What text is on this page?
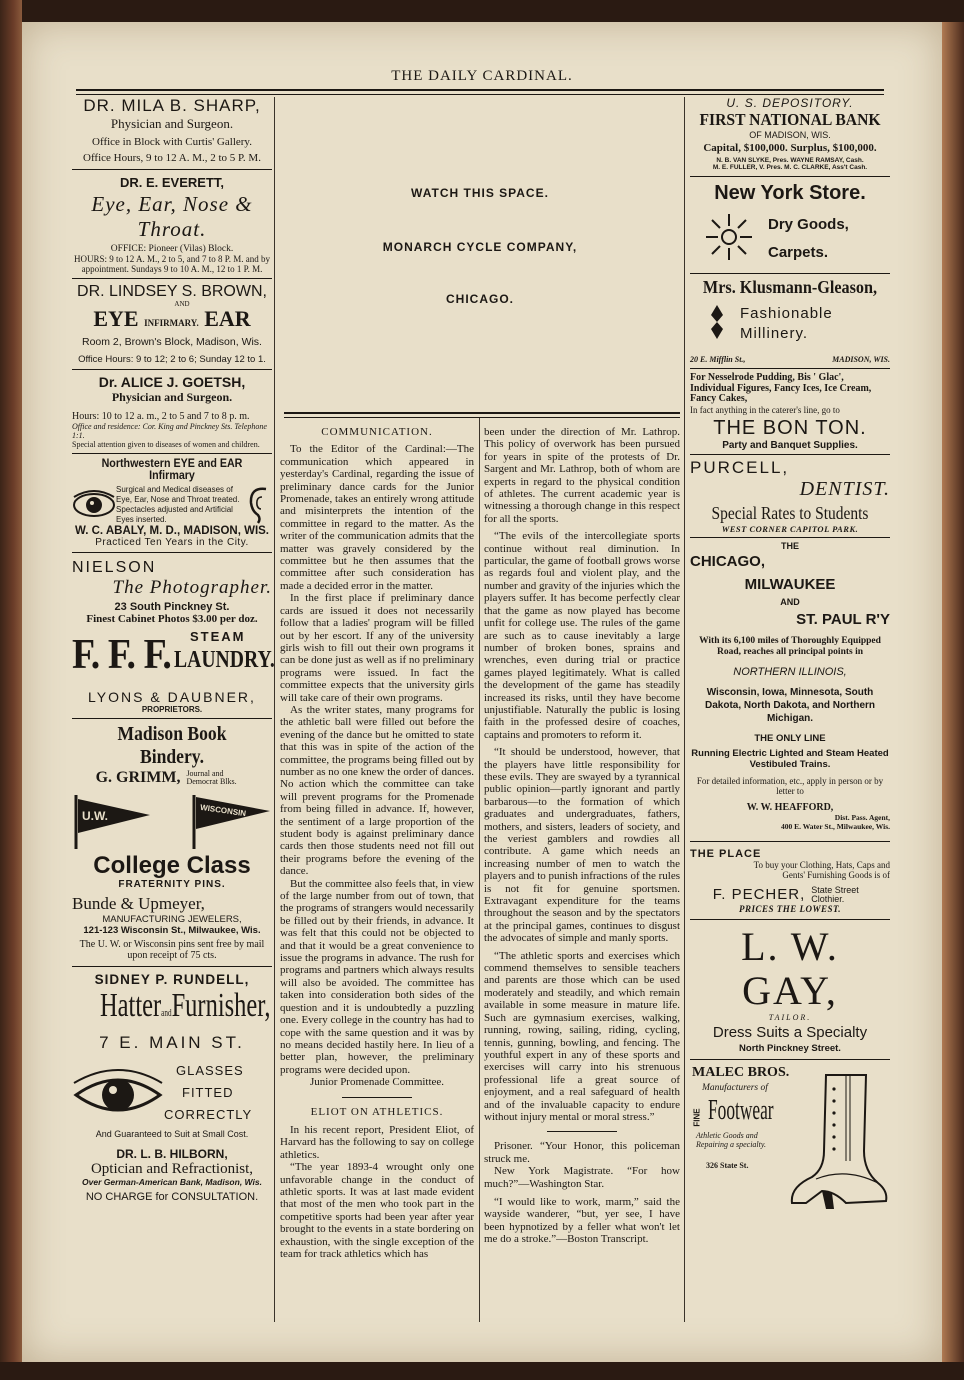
THE DAILY CARDINAL.
DR. MILA B. SHARP,
Physician and Surgeon.
Office in Block with Curtis' Gallery.
Office Hours, 9 to 12 A. M., 2 to 5 P. M.
DR. E. EVERETT,
Eye, Ear, Nose & Throat.
OFFICE: Pioneer (Vilas) Block.
HOURS: 9 to 12 A. M., 2 to 5, and 7 to 8 P. M. and by appointment. Sundays 9 to 10 A. M., 12 to 1 P. M.
DR. LINDSEY S. BROWN,
AND
EYE INFIRMARY. EAR
Room 2, Brown's Block, Madison, Wis.
Office Hours: 9 to 12; 2 to 6; Sunday 12 to 1.
Dr. ALICE J. GOETSH,
Physician and Surgeon.
Hours: 10 to 12 a. m., 2 to 5 and 7 to 8 p. m.
Office and residence: Cor. King and Pinckney Sts. Telephone 1:1.
Special attention given to diseases of women and children.
Northwestern EYE and EAR Infirmary
Surgical and Medical diseases of Eye, Ear, Nose and Throat treated. Spectacles adjusted and Artificial Eyes inserted.
W. C. ABALY, M. D., MADISON, WIS.
Practiced Ten Years in the City.
NIELSON
The Photographer.
23 South Pinckney St.
Finest Cabinet Photos $3.00 per doz.
F. F. F. STEAM
LAUNDRY.
LYONS & DAUBNER,
PROPRIETORS.
Madison Book Bindery.
G. GRIMM, Journal and Democrat Blks.
U.W.	WISCONSIN
College Class
FRATERNITY PINS.
Bunde & Upmeyer,
MANUFACTURING JEWELERS,
121-123 Wisconsin St., Milwaukee, Wis.
The U. W. or Wisconsin pins sent free by mail upon receipt of 75 cts.
SIDNEY P. RUNDELL,
HatterandFurnisher,
7 E. MAIN ST.
GLASSES
FITTED
CORRECTLY
And Guaranteed to Suit at Small Cost.
DR. L. B. HILBORN,
Optician and Refractionist,
Over German-American Bank, Madison, Wis.
NO CHARGE for CONSULTATION.
WATCH THIS SPACE.
MONARCH CYCLE COMPANY,
CHICAGO.
COMMUNICATION.

To the Editor of the Cardinal:—The communication which appeared in yesterday's Cardinal, regarding the issue of preliminary dance cards for the Junior Promenade, takes an entirely wrong attitude and misinterprets the intention of the committee in regard to the matter. As the writer of the communication admits that the matter was gravely considered by the committee but he then assumes that the committee after such consideration has made a decided error in the matter.

In the first place if preliminary dance cards are issued it does not necessarily follow that a ladies' program will be filled out by her escort. If any of the university girls wish to fill out their own programs it can be done just as well as if no preliminary programs were issued. In fact the committee expects that the university girls will take care of their own programs.

As the writer states, many programs for the athletic ball were filled out before the evening of the dance but he omitted to state that this was in spite of the action of the committee, the programs being filled out by number as no one knew the order of dances. No action which the committee can take will prevent programs for the Promenade from being filled in advance. If, however, the sentiment of a large proportion of the student body is against preliminary dance cards then those students need not fill out their programs before the evening of the dance.

But the committee also feels that, in view of the large number from out of town, that the programs of strangers would necessarily be filled out by their friends, in advance. It was felt that this could not be objected to and that it would be a great convenience to issue the programs in advance. The rush for programs and partners which always results will also be avoided. The committee has taken into consideration both sides of the question and it is undoubtedly a puzzling one. Every college in the country has had to cope with the same question and it was by no means decided hastily here. In lieu of a better plan, however, the preliminary programs were decided upon.

Junior Promenade Committee.
ELIOT ON ATHLETICS.

In his recent report, President Eliot, of Harvard has the following to say on college athletics.

“The year 1893-4 wrought only one unfavorable change in the conduct of athletic sports. It was at last made evident that most of the men who took part in the competitive sports had been year after year brought to the events in a state bordering on exhaustion, with the single exception of the team for track athletics which has

been under the direction of Mr. Lathrop. This policy of overwork has been pursued for years in spite of the protests of Dr. Sargent and Mr. Lathrop, both of whom are experts in regard to the physical condition of athletes. The current academic year is witnessing a thorough change in this respect for all the sports.

“The evils of the intercollegiate sports continue without real diminution. In particular, the game of football grows worse as regards foul and violent play, and the number and gravity of the injuries which the players suffer. It has become perfectly clear that the game as now played has become unfit for college use. The rules of the game are such as to cause inevitably a large number of broken bones, sprains and wrenches, even during trial or practice games played legitimately. What is called the development of the game has steadily increased its risks, until they have become unjustifiable. Naturally the public is losing faith in the professed desire of coaches, captains and promoters to reform it.

“It should be understood, however, that the players have little responsibility for these evils. They are swayed by a tyrannical public opinion—partly ignorant and partly barbarous—to the formation of which graduates and undergraduates, fathers, mothers, and sisters, leaders of society, and the veriest gamblers and rowdies all contribute. A game which needs an increasing number of men to watch the players and to punish infractions of the rules is not fit for genuine sportsmen. Extravagant expenditure for the teams throughout the season and by the spectators at the principal games, continues to disgust the advocates of simple and manly sports.

“The athletic sports and exercises which commend themselves to sensible teachers and parents are those which can be used moderately and steadily, and which remain available in some measure in mature life. Such are gymnasium exercises, walking, running, rowing, sailing, riding, cycling, tennis, gunning, bowling, and fencing. The youthful expert in any of these sports and exercises will carry into his strenuous professional life a great source of enjoyment, and a real safeguard of health and of the invaluable capacity to endure without injury mental or moral stress.”

Prisoner. “Your Honor, this policeman struck me.

New York Magistrate. “For how much?”—Washington Star.

“I would like to work, marm,” said the wayside wanderer, “but, yer see, I have been hypnotized by a feller what won't let me do a stroke.”—Boston Transcript.

U. S. DEPOSITORY.
FIRST NATIONAL BANK
OF MADISON, WIS.
Capital, $100,000. Surplus, $100,000.
N. B. VAN SLYKE, Pres. WAYNE RAMSAY, Cash.
M. E. FULLER, V. Pres. M. C. CLARKE, Ass't Cash.
New York Store.
Dry Goods,
Carpets.
Mrs. Klusmann-Gleason,
Fashionable
Millinery.
20 E. Mifflin St.,	MADISON, WIS.
For Nesselrode Pudding, Bis ' Glac', Individual Figures, Fancy Ices, Ice Cream, Fancy Cakes,
In fact anything in the caterer's line, go to
THE BON TON.
Party and Banquet Supplies.
PURCELL,
DENTIST.
Special Rates to Students
WEST CORNER CAPITOL PARK.
THE
CHICAGO,
MILWAUKEE
AND
ST. PAUL R'Y
With its 6,100 miles of Thoroughly Equipped Road, reaches all principal points in
NORTHERN ILLINOIS,
Wisconsin, Iowa, Minnesota, South Dakota, North Dakota, and Northern Michigan.
THE ONLY LINE
Running Electric Lighted and Steam Heated Vestibuled Trains.
For detailed information, etc., apply in person or by letter to
W. W. HEAFFORD,
Dist. Pass. Agent,
400 E. Water St., Milwaukee, Wis.
THE PLACE
To buy your Clothing, Hats, Caps and Gents' Furnishing Goods is of
F. PECHER, State Street Clothier.
PRICES THE LOWEST.
L. W. GAY,
TAILOR.
Dress Suits a Specialty
North Pinckney Street.
MALEC BROS.
Manufacturers of
FINE Footwear
Athletic Goods and Repairing a specialty.
326 State St.
